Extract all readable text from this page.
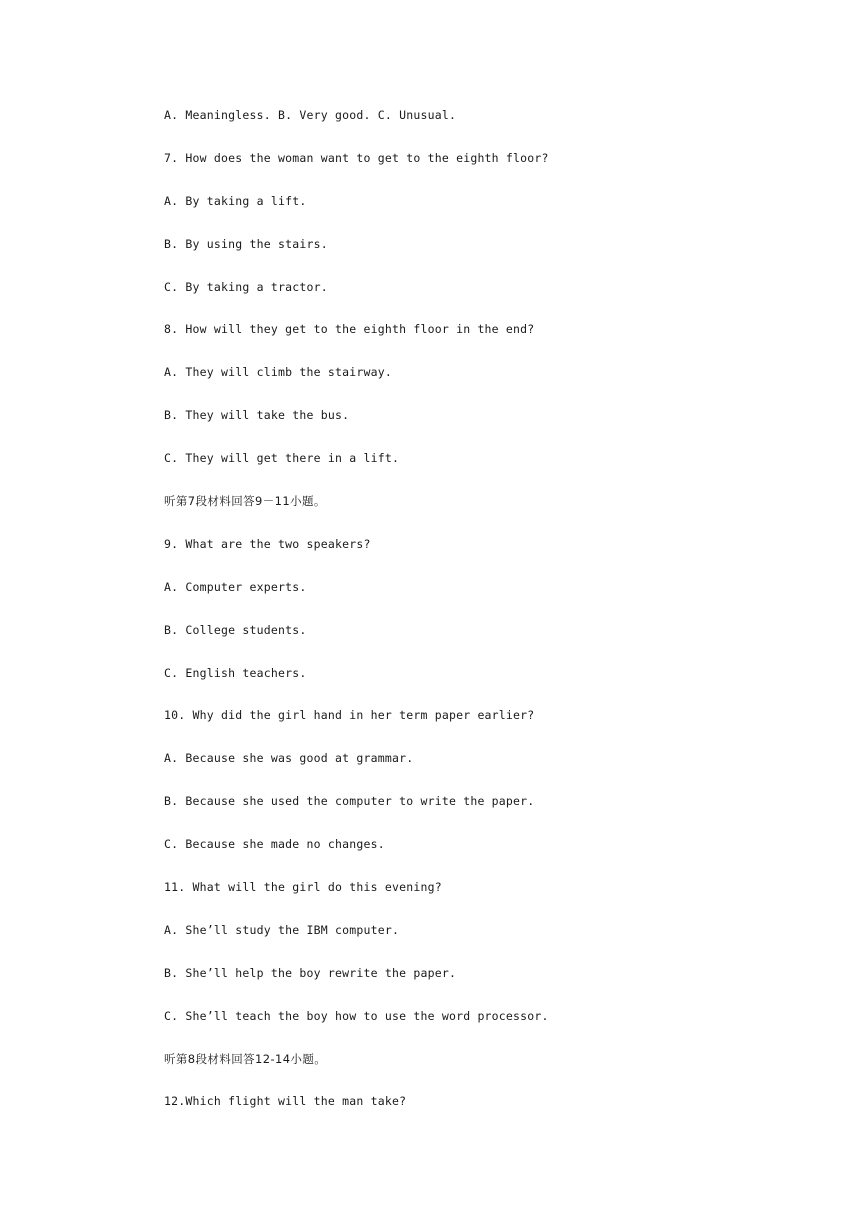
A. Meaningless. B. Very good. C. Unusual.
7. How does the woman want to get to the eighth floor?
A. By taking a lift.
B. By using the stairs.
C. By taking a tractor.
8. How will they get to the eighth floor in the end?
A. They will climb the stairway.
B. They will take the bus.
C. They will get there in a lift.
听第7段材料回答9－11小题。
9. What are the two speakers?
A. Computer experts.
B. College students.
C. English teachers.
10. Why did the girl hand in her term paper earlier?
A. Because she was good at grammar.
B. Because she used the computer to write the paper.
C. Because she made no changes.
11. What will the girl do this evening?
A. She’ll study the IBM computer.
B. She’ll help the boy rewrite the paper.
C. She’ll teach the boy how to use the word processor.
听第8段材料回答12-14小题。
12.Which flight will the man take?
